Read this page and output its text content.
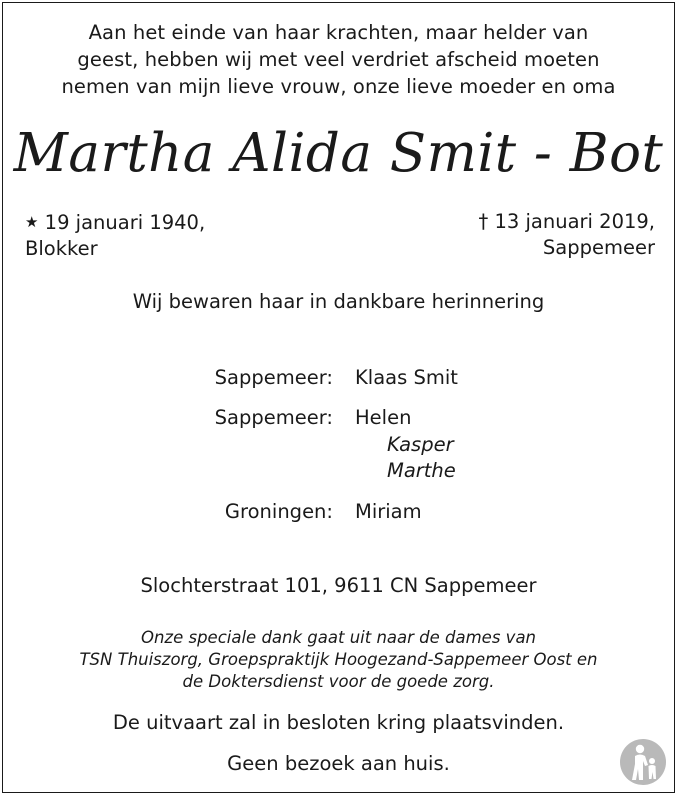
Aan het einde van haar krachten, maar helder van
geest, hebben wij met veel verdriet afscheid moeten
nemen van mijn lieve vrouw, onze lieve moeder en oma
Martha Alida Smit - Bot
★ 19 januari 1940,
Blokker
† 13 januari 2019,
Sappemeer
Wij bewaren haar in dankbare herinnering
Sappemeer: Klaas Smit
Sappemeer: Helen
Kasper
Marthe
Groningen: Miriam
Slochterstraat 101, 9611 CN Sappemeer
Onze speciale dank gaat uit naar de dames van
TSN Thuiszorg, Groepspraktijk Hoogezand-Sappemeer Oost en
de Doktersdienst voor de goede zorg.
De uitvaart zal in besloten kring plaatsvinden.
Geen bezoek aan huis.
